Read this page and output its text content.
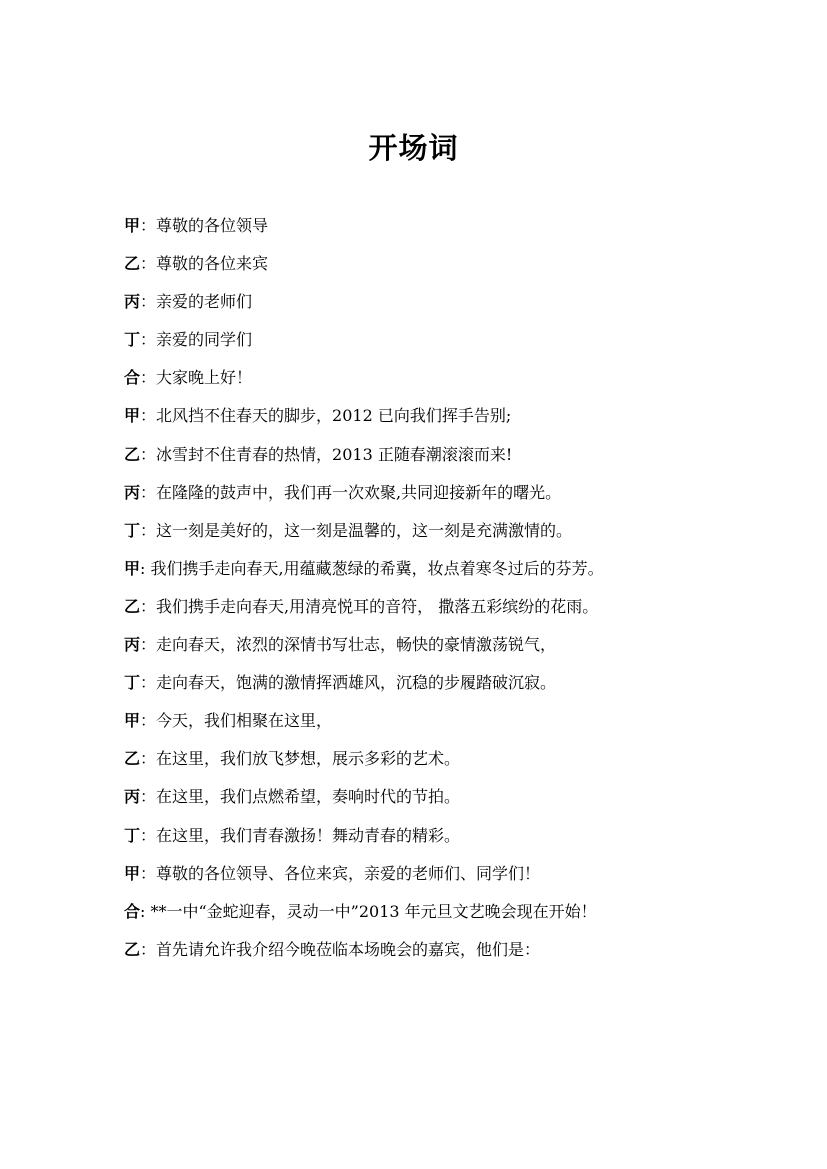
开场词
甲：尊敬的各位领导
乙：尊敬的各位来宾
丙：亲爱的老师们
丁：亲爱的同学们
合：大家晚上好！
甲：北风挡不住春天的脚步，2012 已向我们挥手告别;
乙：冰雪封不住青春的热情，2013 正随春潮滚滚而来!
丙：在隆隆的鼓声中，我们再一次欢聚,共同迎接新年的曙光。
丁：这一刻是美好的，这一刻是温馨的，这一刻是充满激情的。
甲: 我们携手走向春天,用蕴藏葱绿的希冀，妆点着寒冬过后的芬芳。
乙：我们携手走向春天,用清亮悦耳的音符， 撒落五彩缤纷的花雨。
丙：走向春天，浓烈的深情书写壮志，畅快的豪情激荡锐气，
丁：走向春天，饱满的激情挥洒雄风，沉稳的步履踏破沉寂。
甲：今天，我们相聚在这里，
乙：在这里，我们放飞梦想，展示多彩的艺术。
丙：在这里，我们点燃希望，奏响时代的节拍。
丁：在这里，我们青春激扬！舞动青春的精彩。
甲：尊敬的各位领导、各位来宾，亲爱的老师们、同学们！
合: **一中“金蛇迎春，灵动一中”2013 年元旦文艺晚会现在开始！
乙：首先请允许我介绍今晚莅临本场晚会的嘉宾，他们是：
